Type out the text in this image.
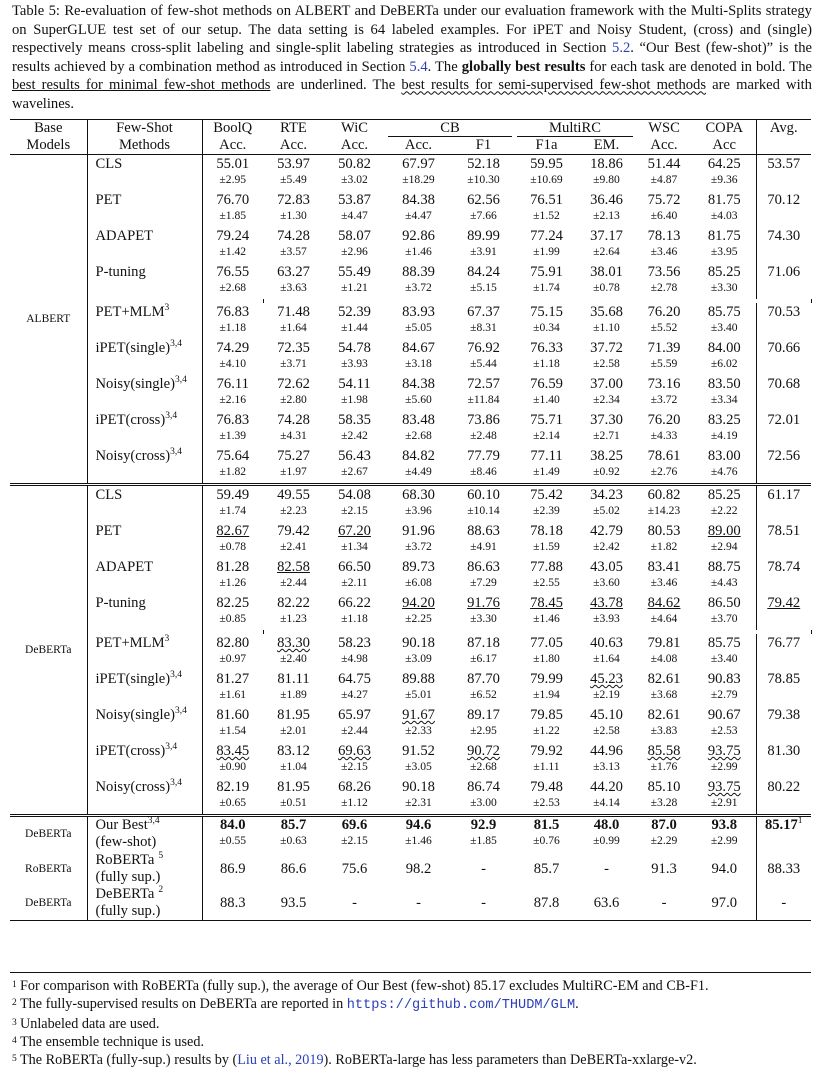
Table 5: Re-evaluation of few-shot methods on ALBERT and DeBERTa under our evaluation framework with the Multi-Splits strategy on SuperGLUE test set of our setup. The data setting is 64 labeled examples. For iPET and Noisy Student, (cross) and (single) respectively means cross-split labeling and single-split labeling strategies as introduced in Section 5.2. “Our Best (few-shot)” is the results achieved by a combination method as introduced in Section 5.4. The globally best results for each task are denoted in bold. The best results for minimal few-shot methods are underlined. The best results for semi-supervised few-shot methods are marked with wavelines.
Base	Few-Shot	BoolQ	RTE	WiC	CB		MultiRC		WSC	COPA	Avg.	
Models	Methods	Acc.	Acc.	Acc.	Acc.	F1	F1a	EM.	Acc.	Acc		
ALBERT	CLS	55.01	53.97	50.82	67.97	52.18	59.95	18.86	51.44	64.25	53.57	
		±2.95	±5.49	±3.02	±18.29	±10.30	±10.69	±9.80	±4.87	±9.36		
	PET	76.70	72.83	53.87	84.38	62.56	76.51	36.46	75.72	81.75	70.12	
		±1.85	±1.30	±4.47	±4.47	±7.66	±1.52	±2.13	±6.40	±4.03		
	ADAPET	79.24	74.28	58.07	92.86	89.99	77.24	37.17	78.13	81.75	74.30	
		±1.42	±3.57	±2.96	±1.46	±3.91	±1.99	±2.64	±3.46	±3.95		
	P-tuning	76.55	63.27	55.49	88.39	84.24	75.91	38.01	73.56	85.25	71.06	
		±2.68	±3.63	±1.21	±3.72	±5.15	±1.74	±0.78	±2.78	±3.30		

	$PET+MLM^3$	76.83	71.48	52.39	83.93	67.37	75.15	35.68	76.20	85.75	70.53	
		±1.18	±1.64	±1.44	±5.05	±8.31	±0.34	±1.10	±5.52	±3.40		
	iPET(single)$^{3,4}$	74.29	72.35	54.78	84.67	76.92	76.33	37.72	71.39	84.00	70.66	
		±4.10	±3.71	±3.93	±3.18	±5.44	±1.18	±2.58	±5.59	±6.02		
	Noisy(single)$^{3,4}$	76.11	72.62	54.11	84.38	72.57	76.59	37.00	73.16	83.50	70.68	
		±2.16	±2.80	±1.98	±5.60	±11.84	±1.40	±2.34	±3.72	±3.34		
	iPET(cross)$^{3,4}$	76.83	74.28	58.35	83.48	73.86	75.71	37.30	76.20	83.25	72.01	
		±1.39	±4.31	±2.42	±2.68	±2.48	±2.14	±2.71	±4.33	±4.19		
	Noisy(cross)$^{3,4}$	75.64	75.27	56.43	84.82	77.79	77.11	38.25	78.61	83.00	72.56	
		±1.82	±1.97	±2.67	±4.49	±8.46	±1.49	±0.92	±2.76	±4.76		
DeBERTa	CLS	59.49	49.55	54.08	68.30	60.10	75.42	34.23	60.82	85.25	61.17	
		±1.74	±2.23	±2.15	±3.96	±10.14	±2.39	±5.02	±14.23	±2.22		
	PET	82.67	79.42	67.20	91.96	88.63	78.18	42.79	80.53	89.00	78.51	
		±0.78	±2.41	±1.34	±3.72	±4.91	±1.59	±2.42	±1.82	±2.94		
	ADAPET	81.28	82.58	66.50	89.73	86.63	77.88	43.05	83.41	88.75	78.74	
		±1.26	±2.44	±2.11	±6.08	±7.29	±2.55	±3.60	±3.46	±4.43		
	P-tuning	82.25	82.22	66.22	94.20	91.76	78.45	43.78	84.62	86.50	79.42	
		±0.85	±1.23	±1.18	±2.25	±3.30	±1.46	±3.93	±4.64	±3.70		

	$PET+MLM^3$	82.80	83.30	58.23	90.18	87.18	77.05	40.63	79.81	85.75	76.77	
		±0.97	±2.40	±4.98	±3.09	±6.17	±1.80	±1.64	±4.08	±3.40		
	iPET(single)$^{3,4}$	81.27	81.11	64.75	89.88	87.70	79.99	45.23	82.61	90.83	78.85	
		±1.61	±1.89	±4.27	±5.01	±6.52	±1.94	±2.19	±3.68	±2.79		
	Noisy(single)$^{3,4}$	81.60	81.95	65.97	91.67	89.17	79.85	45.10	82.61	90.67	79.38	
		±1.54	±2.01	±2.44	±2.33	±2.95	±1.22	±2.58	±3.83	±2.53		
	iPET(cross)$^{3,4}$	83.45	83.12	69.63	91.52	90.72	79.92	44.96	85.58	93.75	81.30	
		±0.90	±1.04	±2.15	±3.05	±2.68	±1.11	±3.13	±1.76	±2.99		
	Noisy(cross)$^{3,4}$	82.19	81.95	68.26	90.18	86.74	79.48	44.20	85.10	93.75	80.22	
		±0.65	±0.51	±1.12	±2.31	±3.00	±2.53	±4.14	±3.28	±2.91		
DeBERTa	Our Best$^{3,4}$	84.0	85.7	69.6	94.6	92.9	81.5	48.0	87.0	93.8	85.17$^1$
	(few-shot)	±0.55	±0.63	±2.15	±1.46	±1.85	±0.76	±0.99	±2.29	±2.99		
RoBERTa	RoBERTa $^5$	86.9	86.6	75.6	98.2	-	85.7	-	91.3	94.0	88.33	
	(fully sup.)											
DeBERTa	DeBERTa $^2$	88.3	93.5	-	-	-	87.8	63.6	-	97.0	-	
	(fully sup.)											
1 For comparison with RoBERTa (fully sup.), the average of Our Best (few-shot) 85.17 excludes MultiRC-EM and CB-F1.
2 The fully-supervised results on DeBERTa are reported in https://github.com/THUDM/GLM.
3 Unlabeled data are used.
4 The ensemble technique is used.
5 The RoBERTa (fully-sup.) results by (Liu et al., 2019). RoBERTa-large has less parameters than DeBERTa-xxlarge-v2.
